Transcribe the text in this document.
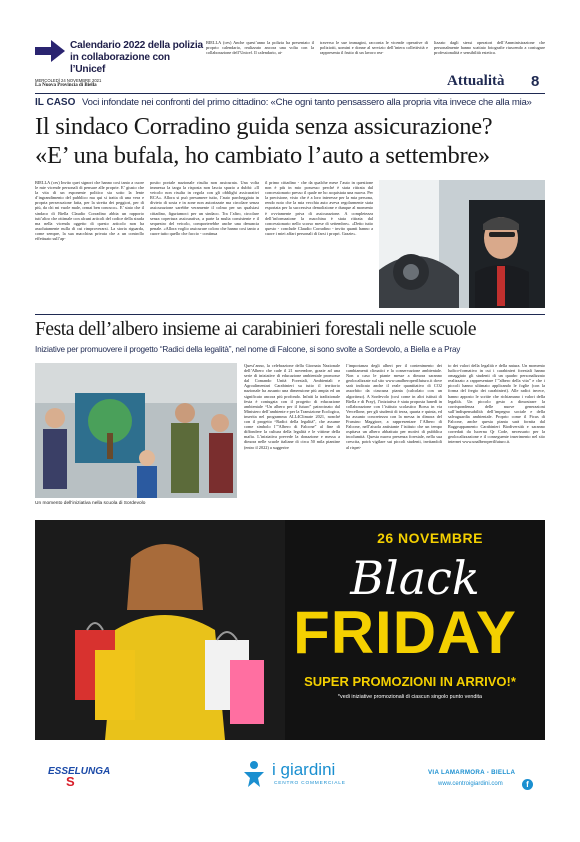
Calendario 2022 della polizia in collaborazione con l’Unicef
BIELLA (ces) Anche quest’anno la polizia ha presentato il proprio calendario, realizzato ancora una volta con la collaborazione dell’Unicef. Il calendario, at-
traverso le sue immagini, racconta le vicende operative di poliziotti, uomini e donne al servizio dell’intera collettività e rappresenta il frutto di un lavoro rea-
lizzato dagli stessi operatori dell’Amministrazione che personalmente hanno scattato fotografie riuscendo a coniugare professionalità e sensibilità estetica.
MERCOLEDÌ 24 NOVEMBRE 2021
La Nuova Provincia di Biella	Attualità 8
IL CASO Voci infondate nei confronti del primo cittadino: «Che ogni tanto pensassero alla propria vita invece che alla mia»
Il sindaco Corradino guida senza assicurazione?
«E’ una bufala, ho cambiato l’auto a settembre»
BIELLA (ces) Invito quei signori che hanno così tanto a cuore le mie vicende personali di pensare alle proprie. E’ giusto che la vita di un esponente politico sia sotto la lente d’ingrandimento del pubblico ma qui si tratta di una vera e propria persecuzione fatta, per la stretta dei peggiori, per di più, da chi mi vuole male, ormai ben conosco». E’ stato che il sindaco di Biella Claudio Corradino abbia un rapporto tutt’altro che ottimale con alcuni articoli del codice della strada ma nella vicenda oggetto di questo articolo non ha assolutamente nulla di cui rimproverarsi. La storia riguarda, come sempre, la sua macchina privata che a un controllo effettuato sull’ap-
posito portale nazionale risulta non assicurata. Una volta immessa la targa la risposta non lascia spazio a dubbi: «Il veicolo non risulta in regola con gli obblighi assicurativi RCA». Allora si può presumere tutto, l’auto parcheggiata in divieto di sosta e in zone non autorizzate ma circolare senza assicurazione sarebbe veramente il colmo per un qualsiasi cittadino, figuriamoci per un sindaco. Tra l’altro, circolare senza copertura assicurativa, a parte la multa consistente e il sequestro del veicolo, comporterebbe anche una denuncia penale. «Allora voglio assicurare coloro che hanno così tanto a cuore tutto quello che faccio - continua
il primo cittadino - che da qualche mese l’auto in questione non è più in mio possesso perché è stata ritirata dal concessionario presso il quale ne ho acquistata una nuova. Per la precisione, visto che è a loro interesse per la mia persona, rendo noto che la mia vecchia auto aveva regolarmente stata esportata per la successiva demolizione e dunque al momento è ovviamente priva di assicurazione. A completezza dell’informazione la macchina è stata ritirata dal concessionario nello scorso mese di settembre». «Detto tutto questo - conclude Claudio Corradino - invito quanti hanno a cuore i miei affari personali di farsi i propri. Grazie».
Festa dell’albero insieme ai carabinieri forestali nelle scuole
Iniziative per promuovere il progetto “Radici della legalità”, nel nome di Falcone, si sono svolte a Sordevolo, a Biella e a Pray
Un momento dell’iniziativa nella scuola di Sordevolo
Quest’anno, la celebrazione della Giornata Nazionale dell’Albero che cade il 21 novembre, grazie ad una serie di iniziative di educazione ambientale promosse dal Comando Unità Forestali, Ambientali e Agroalimentari Carabinieri su tutto il territorio nazionale ha assunto una dimensione più ampia ed un significato ancora più profondo. Infatti la tradizionale festa è coniugata con il progetto di educazione ambientale “Un albero per il futuro” patrocinato dal Ministero dell’ambiente e per la Transizione Ecologica, inserita nel programma ALL4Climate 2021, nonché con il progetto “Radici della legalità”, che assume come simbolo l’”Albero di Falcone” al fine di diffondere la cultura della legalità e le vittime della mafia. L’iniziativa prevede la donazione e messa a dimora nelle scuole italiane di circa 50 mila piantine (entro il 2022) a suggerire
l’importanza degli alberi per il contenimento dei cambiamenti climatici e la conservazione ambientale. Non a caso le piante messe a dimora saranno geolocalizzate sul sito www.unalberoperilfuturo.it dove sarà indicato anche il reale quantitativo di CO2 assorbito da ciascuna pianta (calcolato con un algoritmo). A Sordevolo (così come in altri istituti di Biella e di Pray), l’iniziativa è stata proposta lunedì in collaborazione con l’istituto scolastico Borsa in via Vercellone, per gli studenti di terza, quarta e quinta, ed ha assunto concretezza con la messa in dimora del Frassino Maggiore, a rappresentare l’Albero di Falcone, nell’aiuola antistante l’istituto che un tempo ospitava un albero abbattuto per motivi di pubblica incolumità. Questa nuova presenza forestale, nella sua crescita, potrà vigilare sui piccoli studenti, invitandoli al rispet-
to dei valori della legalità e della natura. Un momento ludico-formativo in cui i carabinieri forestali hanno omaggiato gli studenti di un quadro personalizzato realizzato a rappresentare l’”albero della vita” e che i piccoli hanno ultimato applicando le foglie (con la forma del fregio dei carabinieri). Alle radici invece, hanno apposto le scritte che richiamano i valori della legalità. Un piccolo gesto a dimostrare la corrispondenza delle nuove generazioni sull’indispensabilità dell’impegno sociale e della salvaguardia ambientale. Proprio come il Ficus di Falcone, anche questa pianta sarà fornita dal Raggruppamento Carabinieri Biodiversità e saranno corredati da lucerna Qr Code, necessario per la geolocalizzazione e il conseguente inserimento nel sito internet www.unalberoperilfuturo.it.
26 NOVEMBRE
Black
FRIDAY
SUPER PROMOZIONI IN ARRIVO!*
*vedi iniziative promozionali di ciascun singolo punto vendita
ESSELUNGA
S
i giardini
CENTRO COMMERCIALE
VIA LAMARMORA - BIELLA
www.centroigiardini.com	f
